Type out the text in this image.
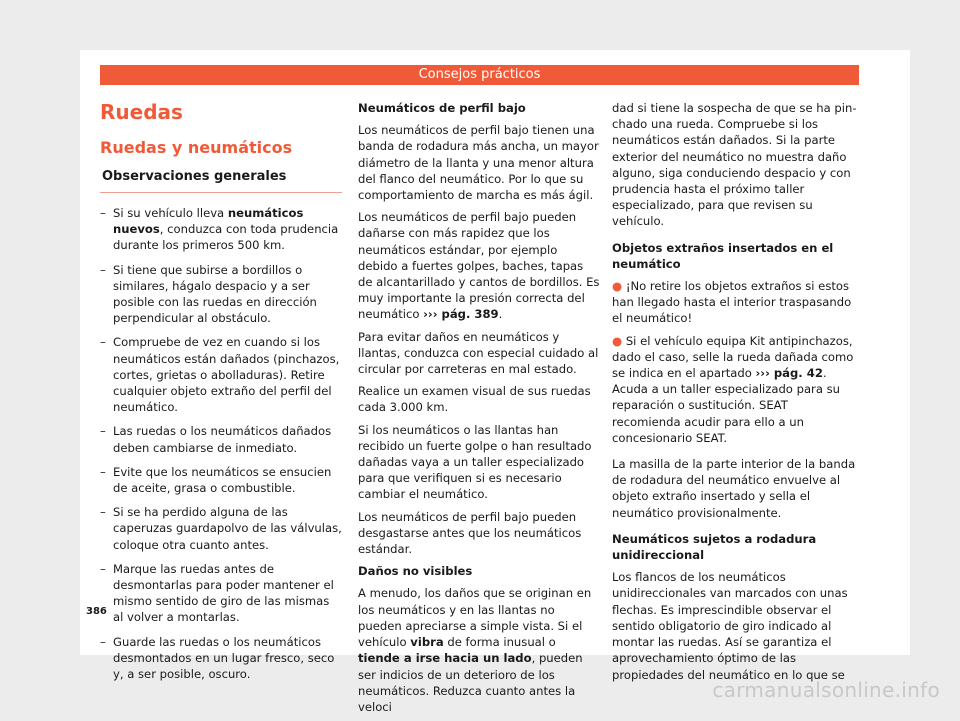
Consejos prácticos
Ruedas
Ruedas y neumáticos
Observaciones generales
– Si su vehículo lleva neumáticos nuevos, conduzca con toda prudencia durante los primeros 500 km.
– Si tiene que subirse a bordillos o similares, hágalo despacio y a ser posible con las ruedas en dirección perpendicular al obstáculo.
– Compruebe de vez en cuando si los neumáticos están dañados (pinchazos, cortes, grietas o abolladuras). Retire cualquier objeto extraño del perfil del neumático.
– Las ruedas o los neumáticos dañados deben cambiarse de inmediato.
– Evite que los neumáticos se ensucien de aceite, grasa o combustible.
– Si se ha perdido alguna de las caperuzas guardapolvo de las válvulas, coloque otra cuanto antes.
– Marque las ruedas antes de desmontarlas para poder mantener el mismo sentido de giro de las mismas al volver a montarlas.
– Guarde las ruedas o los neumáticos desmontados en un lugar fresco, seco y, a ser posible, oscuro.
Neumáticos de perfil bajo

Los neumáticos de perfil bajo tienen una banda de rodadura más ancha, un mayor diámetro de la llanta y una menor altura del flanco del neumático. Por lo que su comportamiento de marcha es más ágil.

Los neumáticos de perfil bajo pueden dañarse con más rapidez que los neumáticos estándar, por ejemplo debido a fuertes golpes, baches, tapas de alcantarillado y cantos de bordillos. Es muy importante la presión correcta del neumático ››› pág. 389.

Para evitar daños en neumáticos y llantas, conduzca con especial cuidado al circular por carreteras en mal estado.

Realice un examen visual de sus ruedas cada 3.000 km.

Si los neumáticos o las llantas han recibido un fuerte golpe o han resultado dañadas vaya a un taller especializado para que verifiquen si es necesario cambiar el neumático.

Los neumáticos de perfil bajo pueden desgastarse antes que los neumáticos estándar.

Daños no visibles

A menudo, los daños que se originan en los neumáticos y en las llantas no pueden apreciarse a simple vista. Si el vehículo vibra de forma inusual o tiende a irse hacia un lado, pueden ser indicios de un deterioro de los neumáticos. Reduzca cuanto antes la veloci

dad si tiene la sospecha de que se ha pinchado una rueda. Compruebe si los neumáticos están dañados. Si la parte exterior del neumático no muestra daño alguno, siga conduciendo despacio y con prudencia hasta el próximo taller especializado, para que revisen su vehículo.

Objetos extraños insertados en el neumático

● ¡No retire los objetos extraños si estos han llegado hasta el interior traspasando el neumático!

● Si el vehículo equipa Kit antipinchazos, dado el caso, selle la rueda dañada como se indica en el apartado ››› pág. 42. Acuda a un taller especializado para su reparación o sustitución. SEAT recomienda acudir para ello a un concesionario SEAT.

La masilla de la parte interior de la banda de rodadura del neumático envuelve al objeto extraño insertado y sella el neumático provisionalmente.

Neumáticos sujetos a rodadura unidireccional

Los flancos de los neumáticos unidireccionales van marcados con unas flechas. Es imprescindible observar el sentido obligatorio de giro indicado al montar las ruedas. Así se garantiza el aprovechamiento óptimo de las propiedades del neumático en lo que se

386
carmanualsonline.info
